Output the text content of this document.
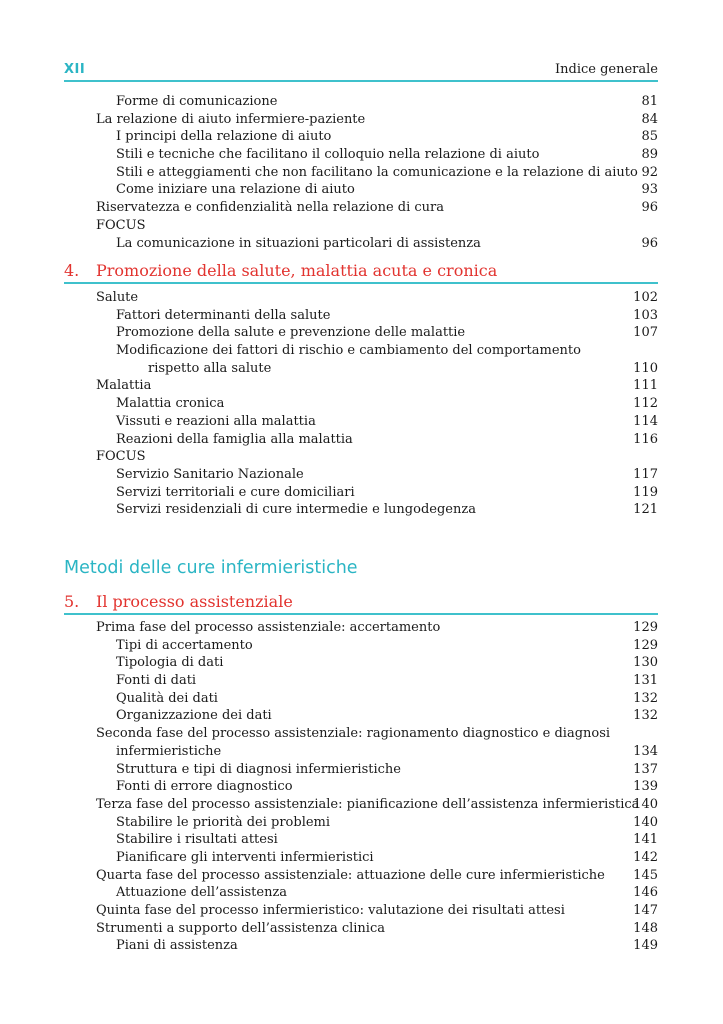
XII	Indice generale
Forme di comunicazione	81
La relazione di aiuto infermiere-paziente	84
I principi della relazione di aiuto	85
Stili e tecniche che facilitano il colloquio nella relazione di aiuto	89
Stili e atteggiamenti che non facilitano la comunicazione e la relazione di aiuto 92
Come iniziare una relazione di aiuto	93
Riservatezza e confidenzialità nella relazione di cura	96
FOCUS
La comunicazione in situazioni particolari di assistenza	96
4. Promozione della salute, malattia acuta e cronica
Salute	102
Fattori determinanti della salute	103
Promozione della salute e prevenzione delle malattie	107
Modificazione dei fattori di rischio e cambiamento del comportamento
rispetto alla salute	110
Malattia	111
Malattia cronica	112
Vissuti e reazioni alla malattia	114
Reazioni della famiglia alla malattia	116
FOCUS
Servizio Sanitario Nazionale	117
Servizi territoriali e cure domiciliari	119
Servizi residenziali di cure intermedie e lungodegenza	121
Metodi delle cure infermieristiche
5. Il processo assistenziale
Prima fase del processo assistenziale: accertamento	129
Tipi di accertamento	129
Tipologia di dati	130
Fonti di dati	131
Qualità dei dati	132
Organizzazione dei dati	132
Seconda fase del processo assistenziale: ragionamento diagnostico e diagnosi
infermieristiche	134
Struttura e tipi di diagnosi infermieristiche	137
Fonti di errore diagnostico	139
Terza fase del processo assistenziale: pianificazione dell’assistenza infermieristica
140
Stabilire le priorità dei problemi	140
Stabilire i risultati attesi	141
Pianificare gli interventi infermieristici	142
Quarta fase del processo assistenziale: attuazione delle cure infermieristiche 145
Attuazione dell’assistenza	146
Quinta fase del processo infermieristico: valutazione dei risultati attesi	147
Strumenti a supporto dell’assistenza clinica	148
Piani di assistenza	149
